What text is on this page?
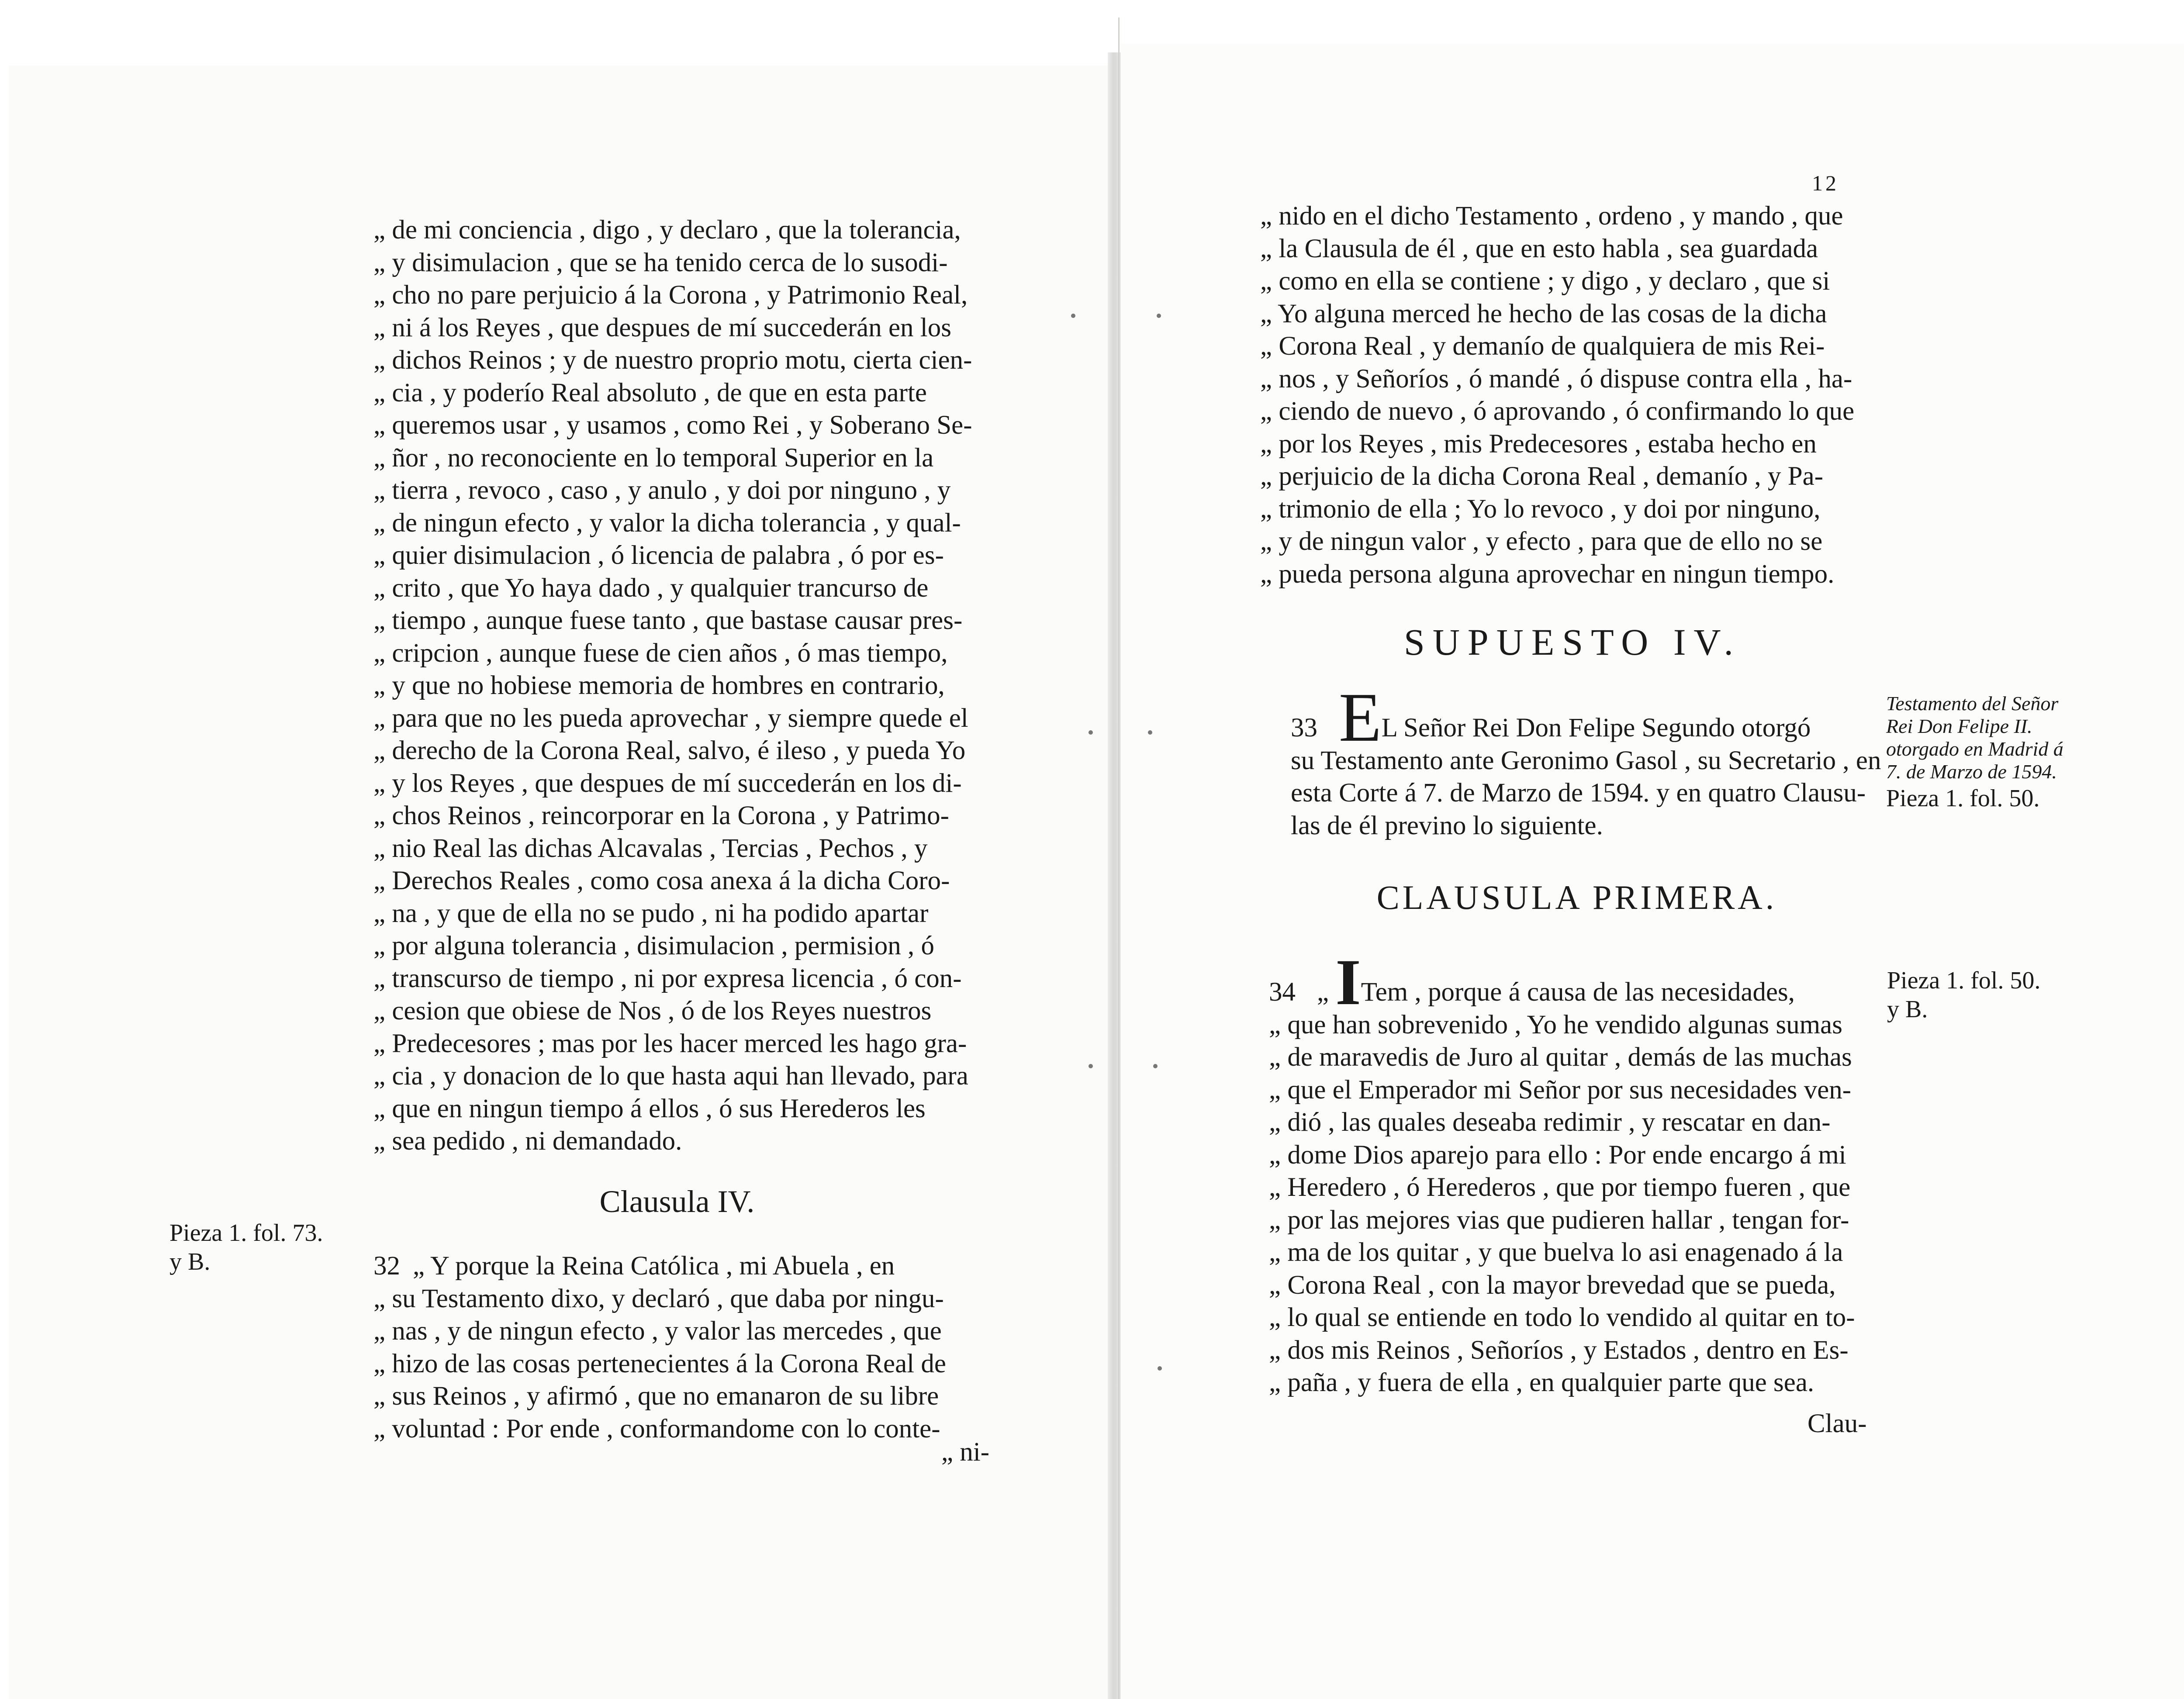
„ de mi conciencia , digo , y declaro , que la tolerancia,
„ y disimulacion , que se ha tenido cerca de lo susodi-
„ cho no pare perjuicio á la Corona , y Patrimonio Real,
„ ni á los Reyes , que despues de mí succederán en los
„ dichos Reinos ; y de nuestro proprio motu, cierta cien-
„ cia , y poderío Real absoluto , de que en esta parte
„ queremos usar , y usamos , como Rei , y Soberano Se-
„ ñor , no reconociente en lo temporal Superior en la
„ tierra , revoco , caso , y anulo , y doi por ninguno , y
„ de ningun efecto , y valor la dicha tolerancia , y qual-
„ quier disimulacion , ó licencia de palabra , ó por es-
„ crito , que Yo haya dado , y qualquier trancurso de
„ tiempo , aunque fuese tanto , que bastase causar pres-
„ cripcion , aunque fuese de cien años , ó mas tiempo,
„ y que no hobiese memoria de hombres en contrario,
„ para que no les pueda aprovechar , y siempre quede el
„ derecho de la Corona Real, salvo, é ileso , y pueda Yo
„ y los Reyes , que despues de mí succederán en los di-
„ chos Reinos , reincorporar en la Corona , y Patrimo-
„ nio Real las dichas Alcavalas , Tercias , Pechos , y
„ Derechos Reales , como cosa anexa á la dicha Coro-
„ na , y que de ella no se pudo , ni ha podido apartar
„ por alguna tolerancia , disimulacion , permision , ó
„ transcurso de tiempo , ni por expresa licencia , ó con-
„ cesion que obiese de Nos , ó de los Reyes nuestros
„ Predecesores ; mas por les hacer merced les hago gra-
„ cia , y donacion de lo que hasta aqui han llevado, para
„ que en ningun tiempo á ellos , ó sus Herederos les
„ sea pedido , ni demandado.
Clausula IV.
Pieza 1. fol. 73.
y B.	32 „ Y porque la Reina Católica , mi Abuela , en
„ su Testamento dixo, y declaró , que daba por ningu-
„ nas , y de ningun efecto , y valor las mercedes , que
„ hizo de las cosas pertenecientes á la Corona Real de
„ sus Reinos , y afirmó , que no emanaron de su libre
„ voluntad : Por ende , conformandome con lo conte-
„ ni-
12
„ nido en el dicho Testamento , ordeno , y mando , que
„ la Clausula de él , que en esto habla , sea guardada
„ como en ella se contiene ; y digo , y declaro , que si
„ Yo alguna merced he hecho de las cosas de la dicha
„ Corona Real , y demanío de qualquiera de mis Rei-
„ nos , y Señoríos , ó mandé , ó dispuse contra ella , ha-
„ ciendo de nuevo , ó aprovando , ó confirmando lo que
„ por los Reyes , mis Predecesores , estaba hecho en
„ perjuicio de la dicha Corona Real , demanío , y Pa-
„ trimonio de ella ; Yo lo revoco , y doi por ninguno,
„ y de ningun valor , y efecto , para que de ello no se
„ pueda persona alguna aprovechar en ningun tiempo.
SUPUESTO IV.
33 EL Señor Rei Don Felipe Segundo otorgó
su Testamento ante Geronimo Gasol , su Secretario , en
esta Corte á 7. de Marzo de 1594. y en quatro Clausu-
las de él previno lo siguiente.
Testamento del Señor
Rei Don Felipe II.
otorgado en Madrid á
7. de Marzo de 1594.
Pieza 1. fol. 50.
CLAUSULA PRIMERA.
34 „ ITem , porque á causa de las necesidades,
„ que han sobrevenido , Yo he vendido algunas sumas
„ de maravedis de Juro al quitar , demás de las muchas
„ que el Emperador mi Señor por sus necesidades ven-
„ dió , las quales deseaba redimir , y rescatar en dan-
„ dome Dios aparejo para ello : Por ende encargo á mi
„ Heredero , ó Herederos , que por tiempo fueren , que
„ por las mejores vias que pudieren hallar , tengan for-
„ ma de los quitar , y que buelva lo asi enagenado á la
„ Corona Real , con la mayor brevedad que se pueda,
„ lo qual se entiende en todo lo vendido al quitar en to-
„ dos mis Reinos , Señoríos , y Estados , dentro en Es-
„ paña , y fuera de ella , en qualquier parte que sea.
Pieza 1. fol. 50.
y B.
Clau-
